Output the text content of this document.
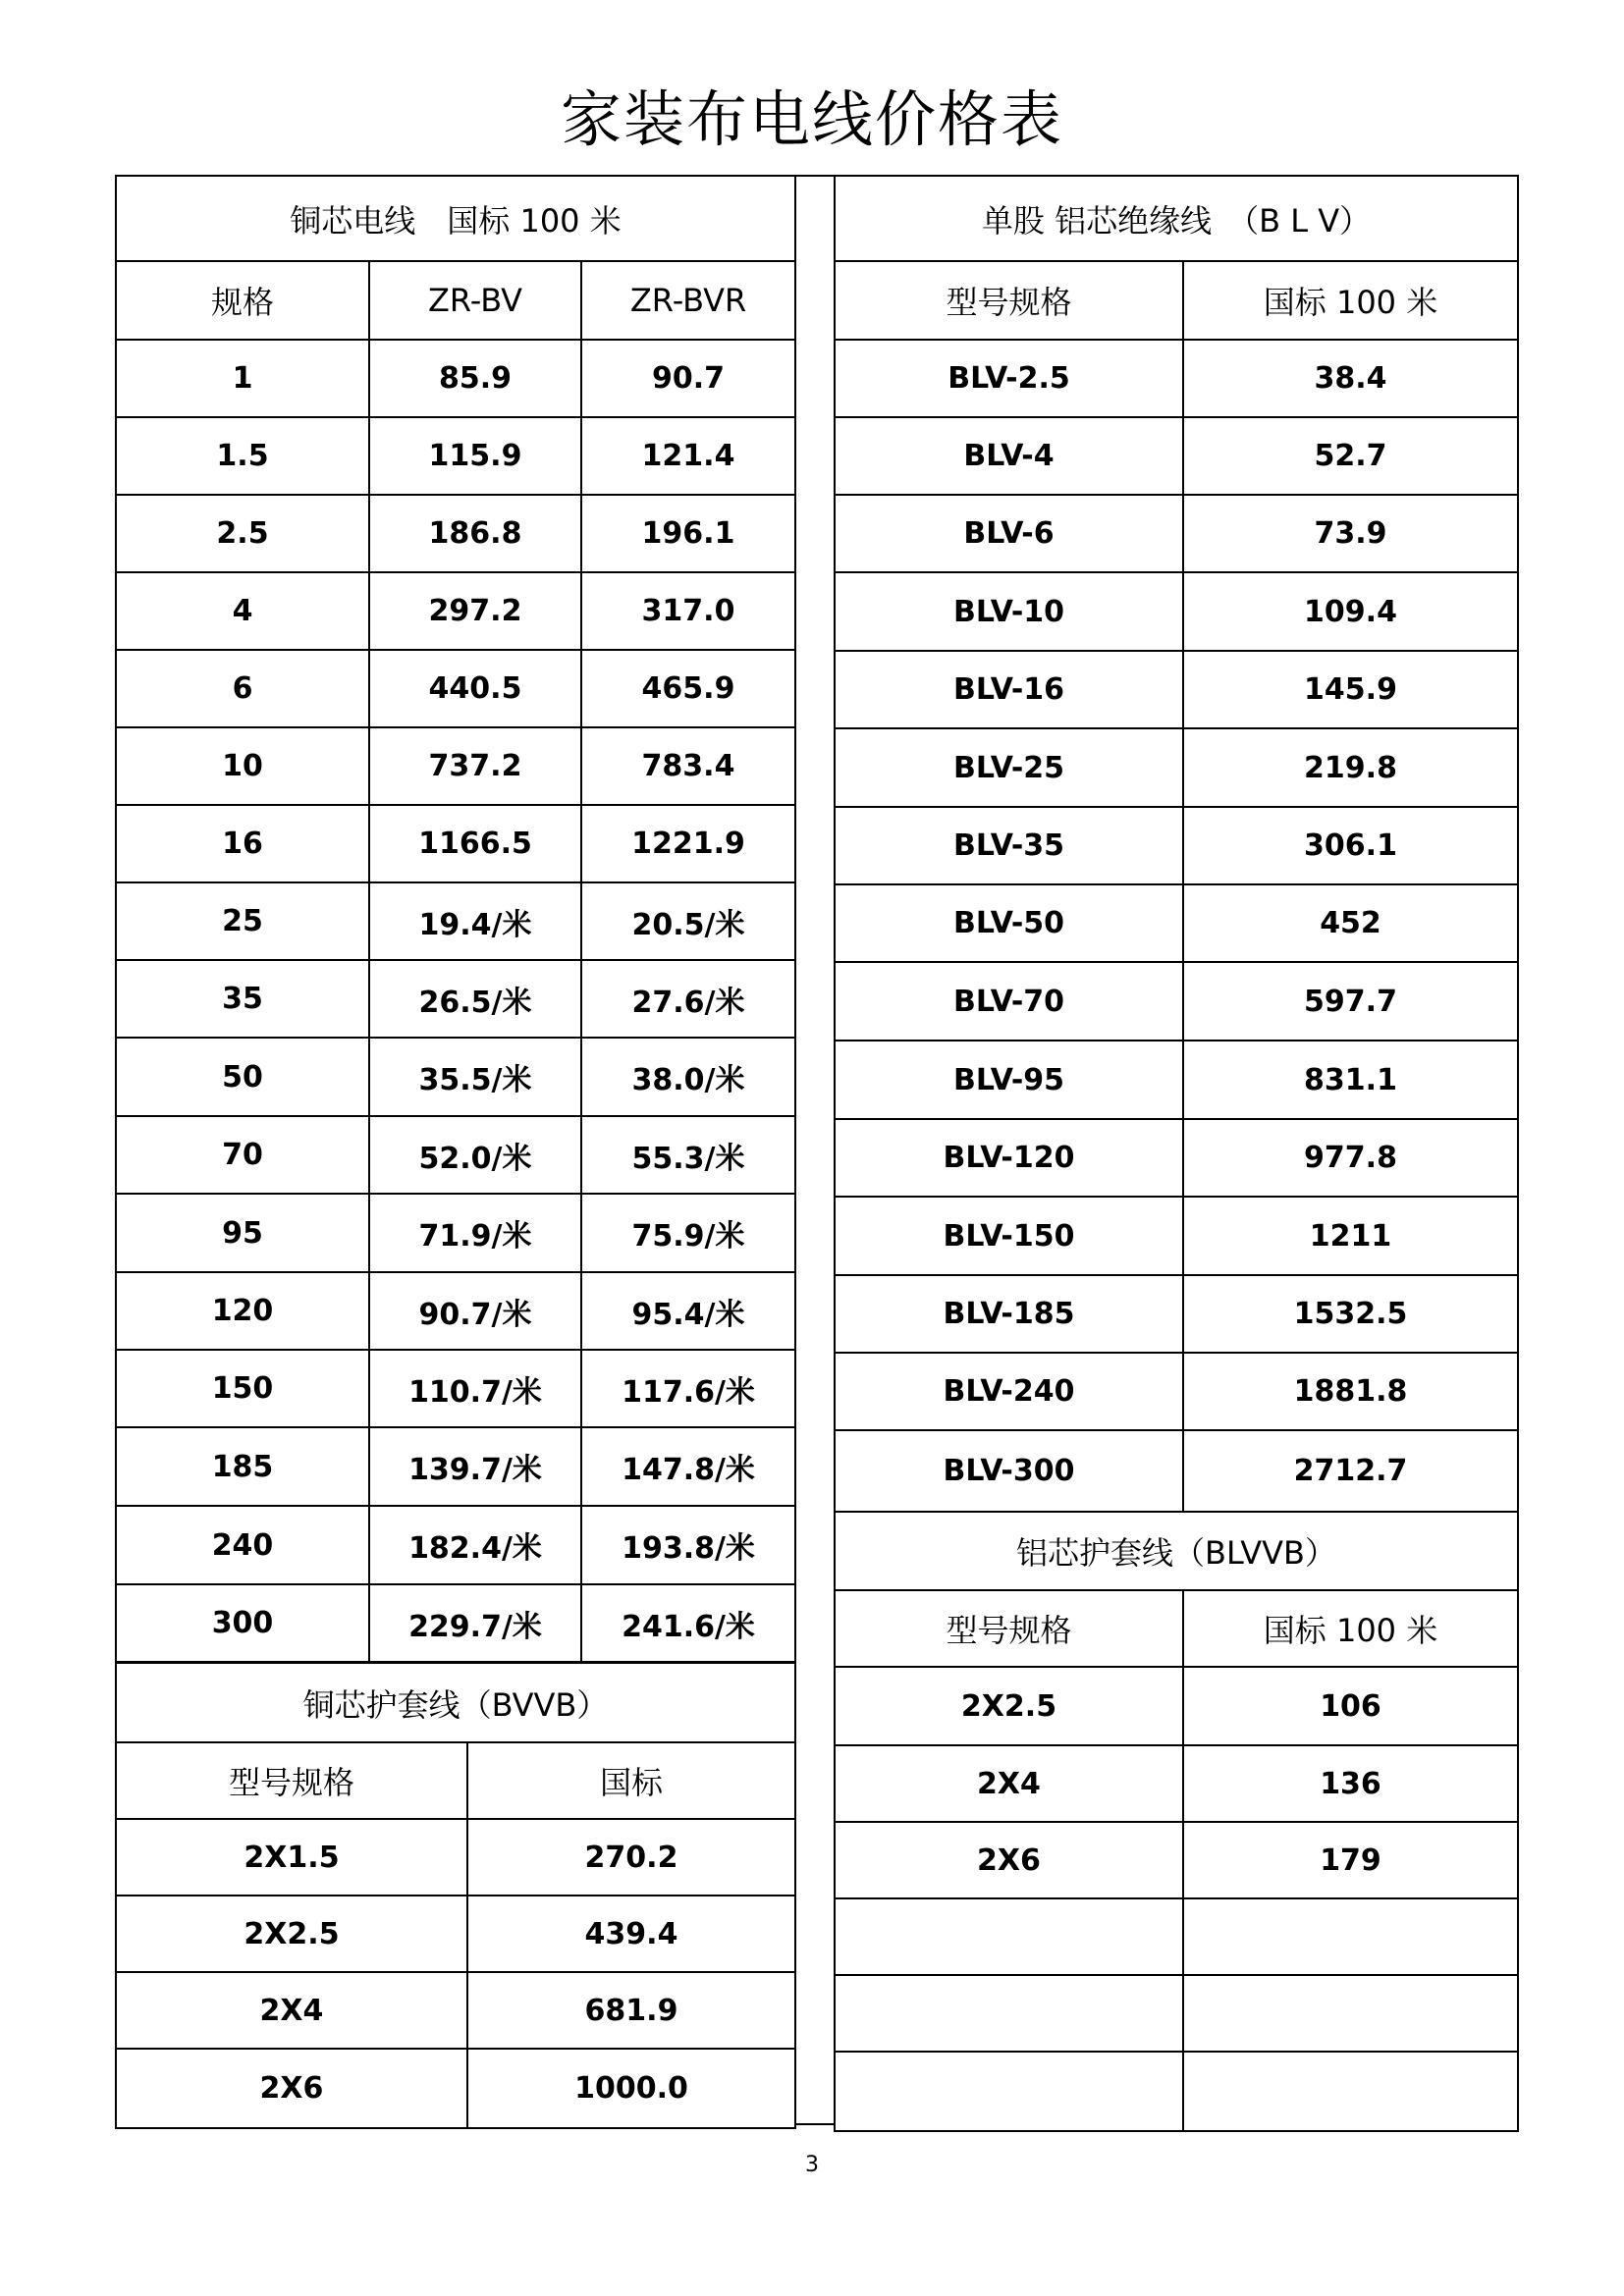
家装布电线价格表
铜芯电线　国标 100 米		
规格	ZR-BV	ZR-BVR
1	85.9	90.7
1.5	115.9	121.4
2.5	186.8	196.1
4	297.2	317.0
6	440.5	465.9
10	737.2	783.4
16	1166.5	1221.9
25	19.4/米	20.5/米
35	26.5/米	27.6/米
50	35.5/米	38.0/米
70	52.0/米	55.3/米
95	71.9/米	75.9/米
120	90.7/米	95.4/米
150	110.7/米	117.6/米
185	139.7/米	147.8/米
240	182.4/米	193.8/米
300	229.7/米	241.6/米
铜芯护套线（BVVB）	
型号规格	国标
2X1.5	270.2
2X2.5	439.4
2X4	681.9
2X6	1000.0
单股 铝芯绝缘线　（B L V）	
型号规格	国标 100 米
BLV-2.5	38.4
BLV-4	52.7
BLV-6	73.9
BLV-10	109.4
BLV-16	145.9
BLV-25	219.8
BLV-35	306.1
BLV-50	452
BLV-70	597.7
BLV-95	831.1
BLV-120	977.8
BLV-150	1211
BLV-185	1532.5
BLV-240	1881.8
BLV-300	2712.7
铝芯护套线（BLVVB）	
型号规格	国标 100 米
2X2.5	106
2X4	136
2X6	179

3
